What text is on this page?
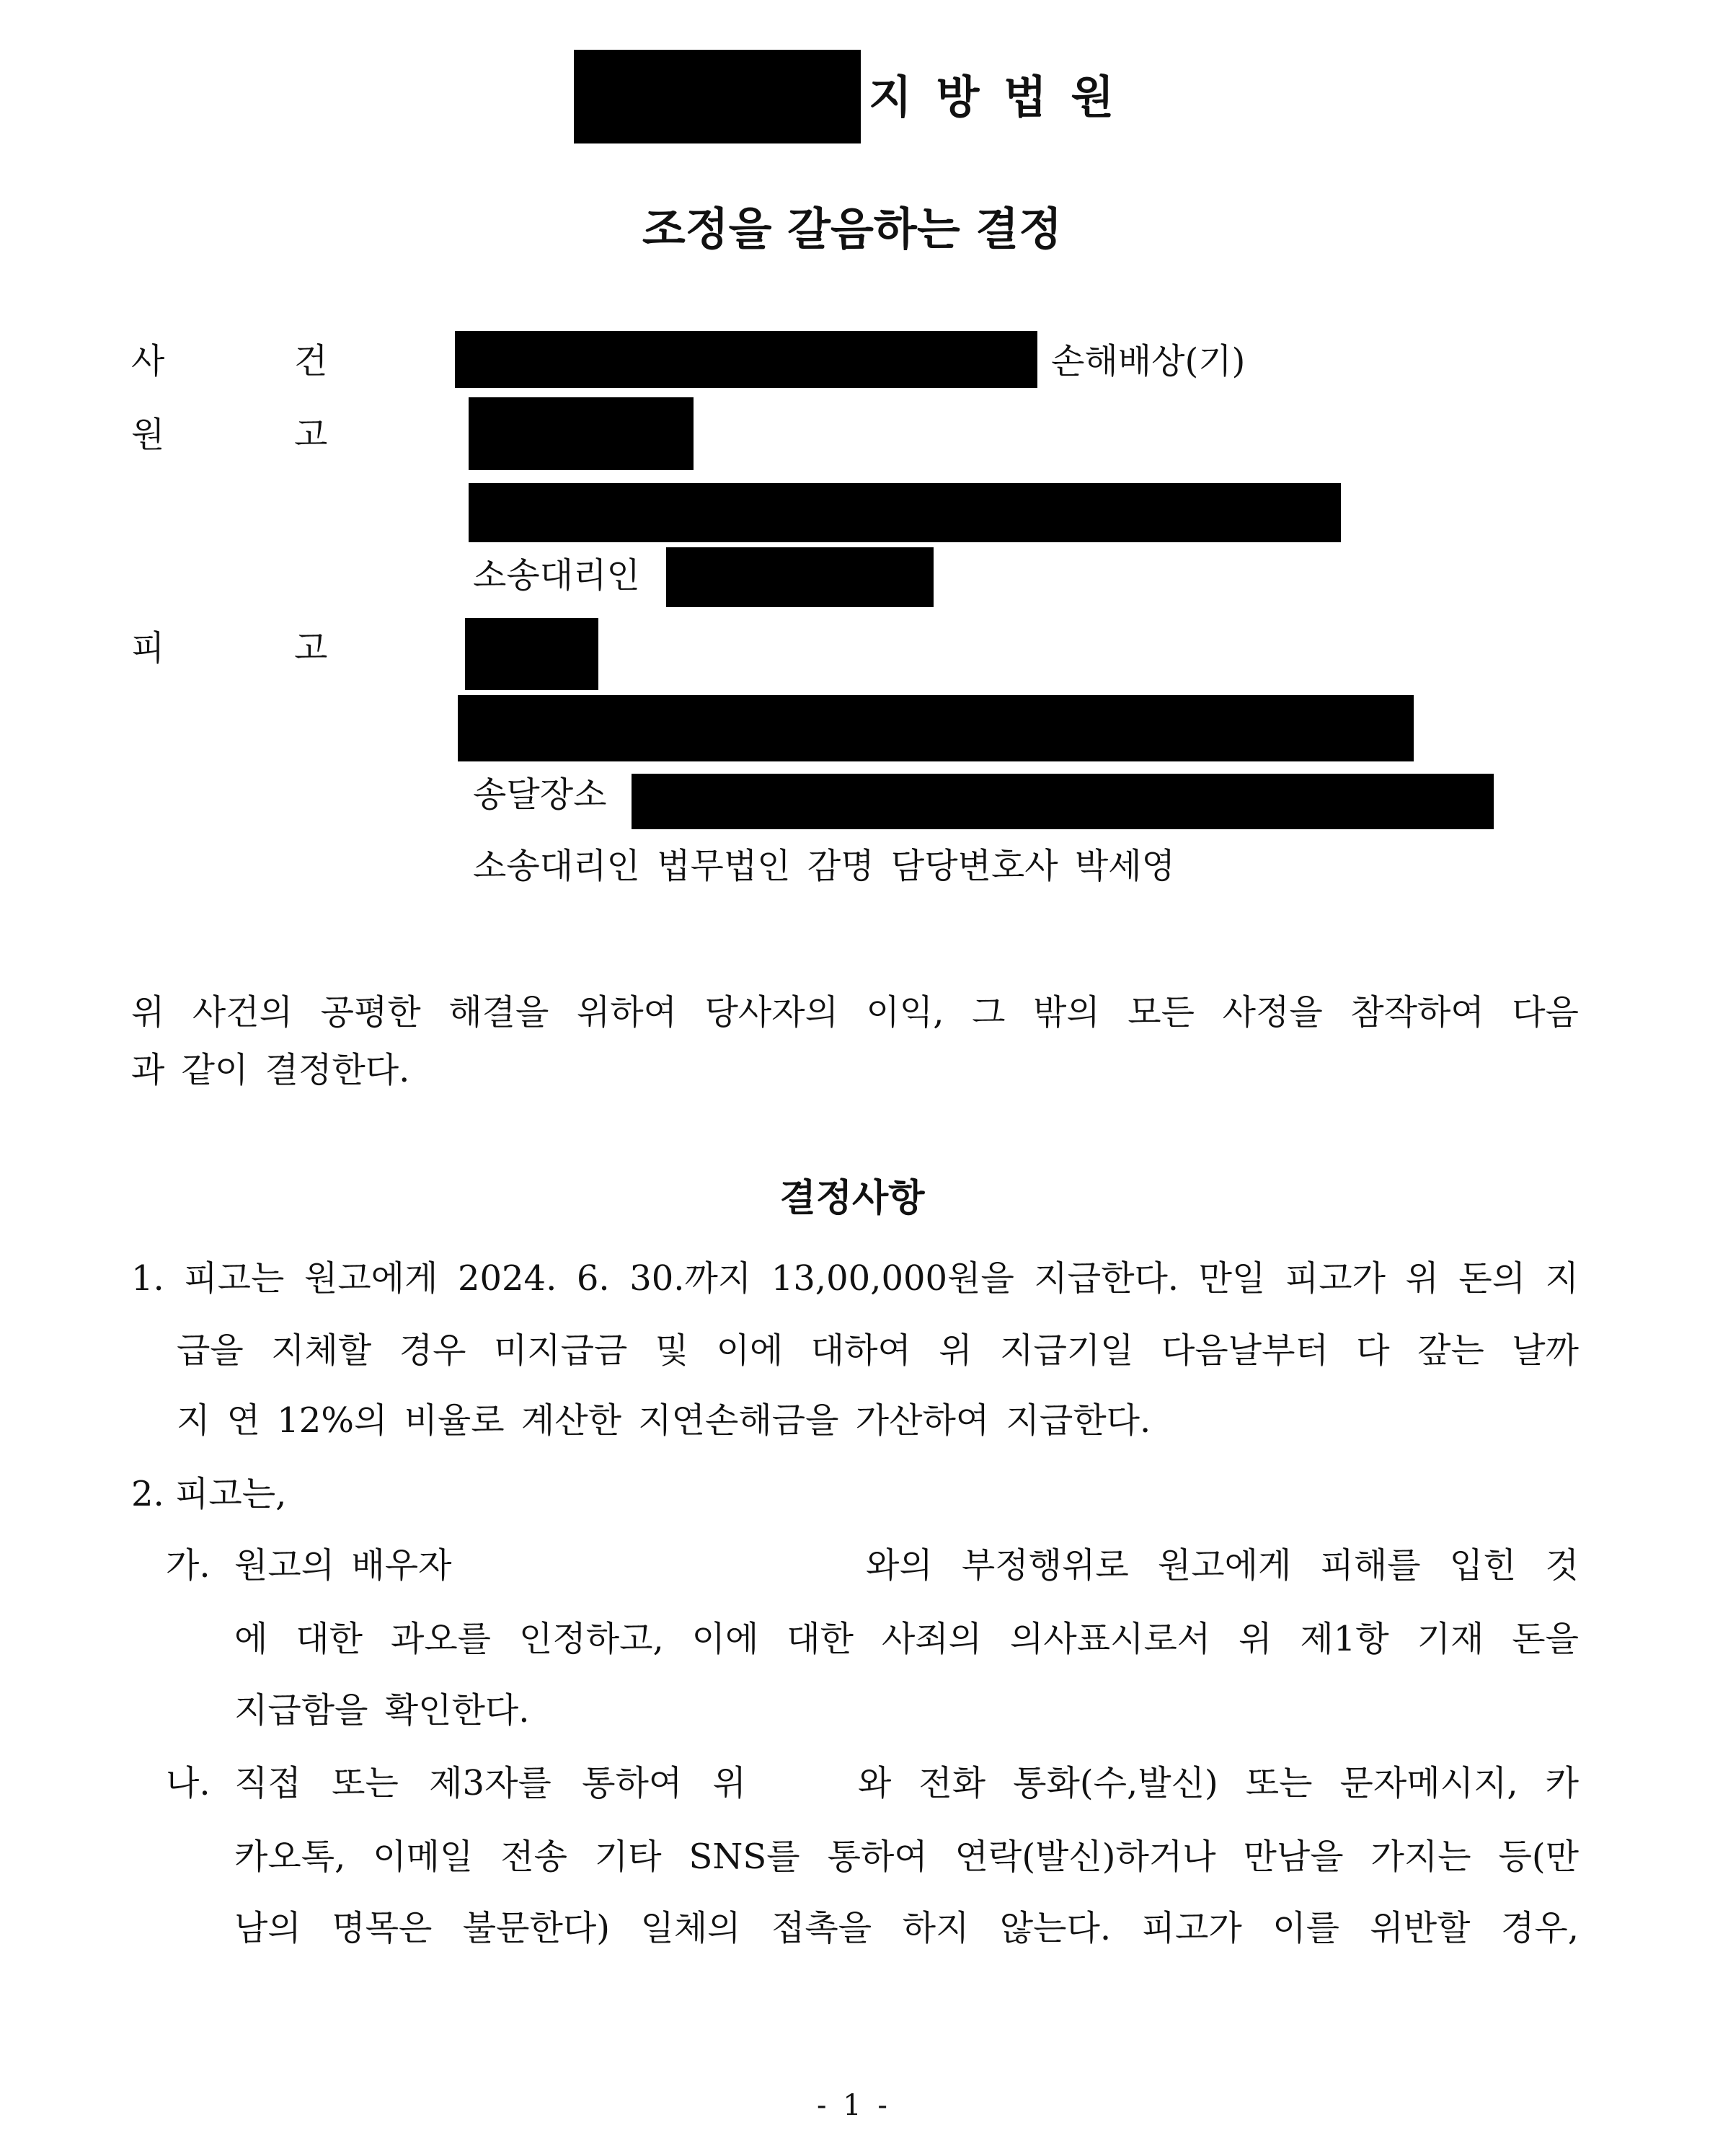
지 방 법 원
조정을 갈음하는 결정
사	건	손해배상(기)
원	고
소송대리인
피	고
송달장소
소송대리인 법무법인 감명 담당변호사 박세영
위 사건의 공평한 해결을 위하여 당사자의 이익, 그 밖의 모든 사정을 참작하여 다음
과 같이 결정한다.
결정사항
1. 피고는 원고에게 2024. 6. 30.까지 13,00,000원을 지급한다. 만일 피고가 위 돈의 지
급을 지체할 경우 미지급금 및 이에 대하여 위 지급기일 다음날부터 다 갚는 날까
지 연 12%의 비율로 계산한 지연손해금을 가산하여 지급한다.
2. 피고는,
가. 원고의 배우자	와의 부정행위로 원고에게 피해를 입힌 것
에 대한 과오를 인정하고, 이에 대한 사죄의 의사표시로서 위 제1항 기재 돈을
지급함을 확인한다.
나. 직접 또는 제3자를 통하여 위	와 전화 통화(수,발신) 또는 문자메시지, 카
카오톡, 이메일 전송 기타 SNS를 통하여 연락(발신)하거나 만남을 가지는 등(만
남의 명목은 불문한다) 일체의 접촉을 하지 않는다. 피고가 이를 위반할 경우,
- 1 -
